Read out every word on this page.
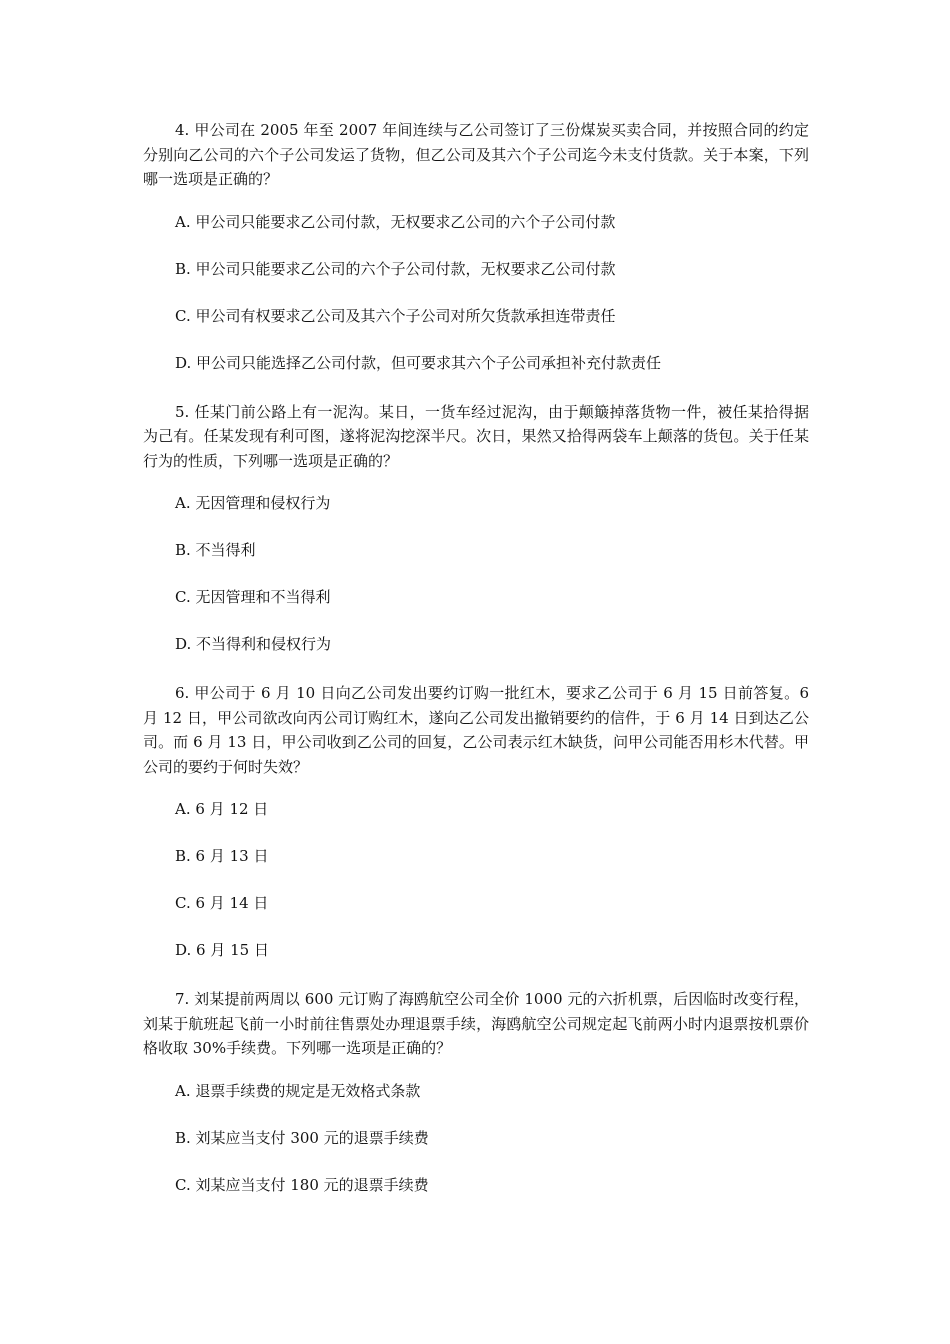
4. 甲公司在 2005 年至 2007 年间连续与乙公司签订了三份煤炭买卖合同，并按照合同的约定分别向乙公司的六个子公司发运了货物，但乙公司及其六个子公司迄今未支付货款。关于本案，下列哪一选项是正确的？

A. 甲公司只能要求乙公司付款，无权要求乙公司的六个子公司付款

B. 甲公司只能要求乙公司的六个子公司付款，无权要求乙公司付款

C. 甲公司有权要求乙公司及其六个子公司对所欠货款承担连带责任

D. 甲公司只能选择乙公司付款，但可要求其六个子公司承担补充付款责任

5. 任某门前公路上有一泥沟。某日，一货车经过泥沟，由于颠簸掉落货物一件，被任某拾得据为己有。任某发现有利可图，遂将泥沟挖深半尺。次日，果然又拾得两袋车上颠落的货包。关于任某行为的性质，下列哪一选项是正确的？

A. 无因管理和侵权行为

B. 不当得利

C. 无因管理和不当得利

D. 不当得利和侵权行为

6. 甲公司于 6 月 10 日向乙公司发出要约订购一批红木，要求乙公司于 6 月 15 日前答复。6 月 12 日，甲公司欲改向丙公司订购红木，遂向乙公司发出撤销要约的信件，于 6 月 14 日到达乙公司。而 6 月 13 日，甲公司收到乙公司的回复，乙公司表示红木缺货，问甲公司能否用杉木代替。甲公司的要约于何时失效？

A. 6 月 12 日

B. 6 月 13 日

C. 6 月 14 日

D. 6 月 15 日

7. 刘某提前两周以 600 元订购了海鸥航空公司全价 1000 元的六折机票，后因临时改变行程，刘某于航班起飞前一小时前往售票处办理退票手续，海鸥航空公司规定起飞前两小时内退票按机票价格收取 30%手续费。下列哪一选项是正确的？

A. 退票手续费的规定是无效格式条款

B. 刘某应当支付 300 元的退票手续费

C. 刘某应当支付 180 元的退票手续费
